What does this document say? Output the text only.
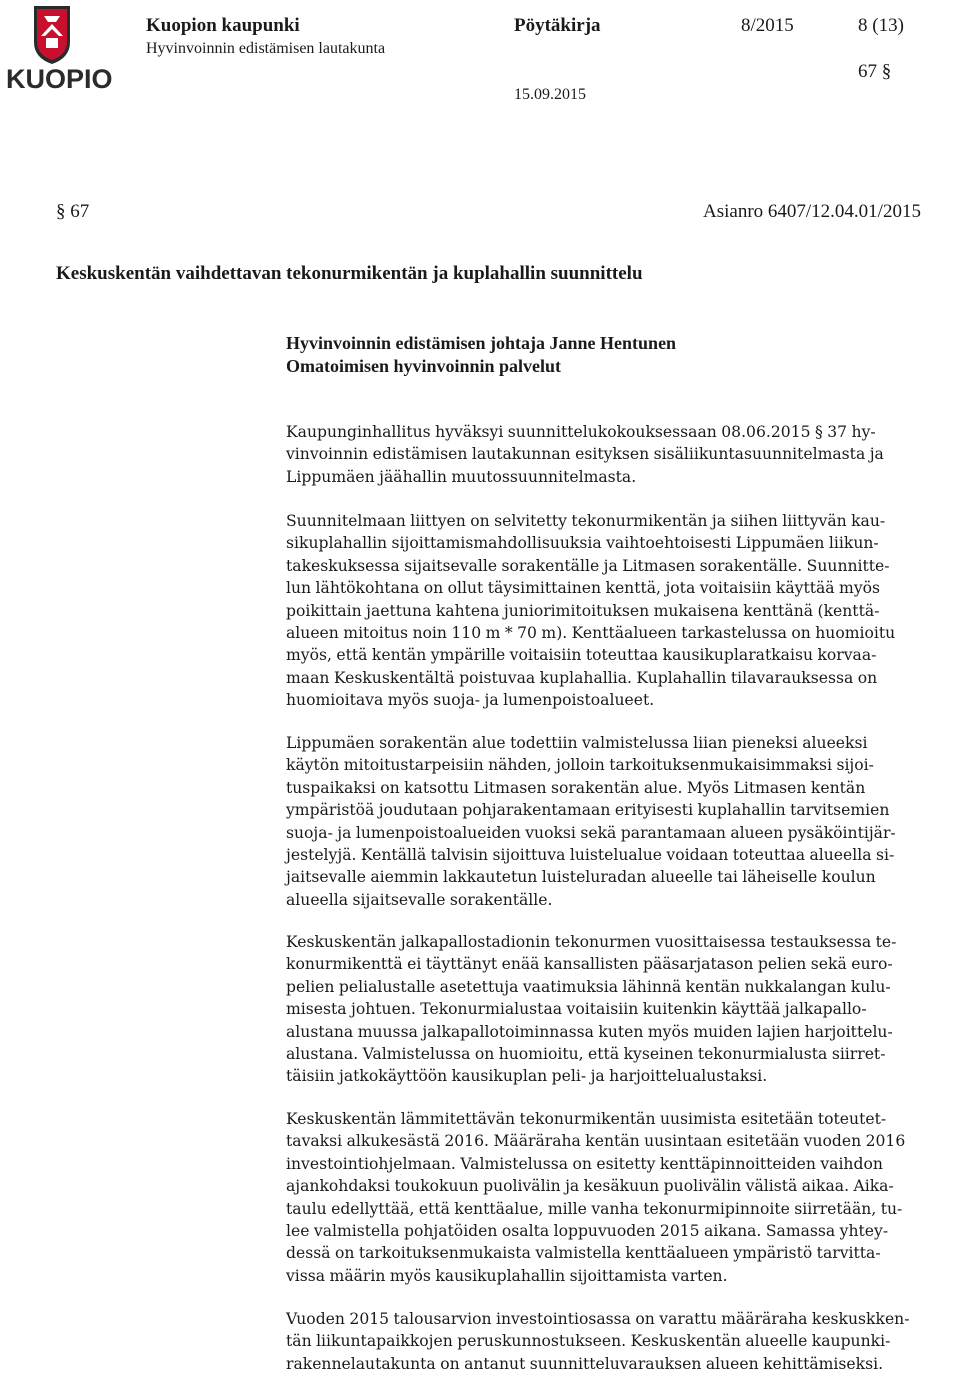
KUOPIO
Kuopion kaupunki
Hyvinvoinnin edistämisen lautakunta
Pöytäkirja	8/2015	8 (13)
67 §
15.09.2015
§ 67	Asianro 6407/12.04.01/2015
Keskuskentän vaihdettavan tekonurmikentän ja kuplahallin suunnittelu
Hyvinvoinnin edistämisen johtaja Janne Hentunen
Omatoimisen hyvinvoinnin palvelut

Kaupunginhallitus hyväksyi suunnittelukokouksessaan 08.06.2015 § 37 hy-
vinvoinnin edistämisen lautakunnan esityksen sisäliikuntasuunnitelmasta ja
Lippumäen jäähallin muutossuunnitelmasta.

Suunnitelmaan liittyen on selvitetty tekonurmikentän ja siihen liittyvän kau-
sikuplahallin sijoittamismahdollisuuksia vaihtoehtoisesti Lippumäen liikun-
takeskuksessa sijaitsevalle sorakentälle ja Litmasen sorakentälle. Suunnitte-
lun lähtökohtana on ollut täysimittainen kenttä, jota voitaisiin käyttää myös
poikittain jaettuna kahtena juniorimitoituksen mukaisena kenttänä (kenttä-
alueen mitoitus noin 110 m * 70 m). Kenttäalueen tarkastelussa on huomioitu
myös, että kentän ympärille voitaisiin toteuttaa kausikuplaratkaisu korvaa-
maan Keskuskentältä poistuvaa kuplahallia. Kuplahallin tilavarauksessa on
huomioitava myös suoja- ja lumenpoistoalueet.

Lippumäen sorakentän alue todettiin valmistelussa liian pieneksi alueeksi
käytön mitoitustarpeisiin nähden, jolloin tarkoituksenmukaisimmaksi sijoi-
tuspaikaksi on katsottu Litmasen sorakentän alue. Myös Litmasen kentän
ympäristöä joudutaan pohjarakentamaan erityisesti kuplahallin tarvitsemien
suoja- ja lumenpoistoalueiden vuoksi sekä parantamaan alueen pysäköintijär-
jestelyjä. Kentällä talvisin sijoittuva luistelualue voidaan toteuttaa alueella si-
jaitsevalle aiemmin lakkautetun luisteluradan alueelle tai läheiselle koulun
alueella sijaitsevalle sorakentälle.

Keskuskentän jalkapallostadionin tekonurmen vuosittaisessa testauksessa te-
konurmikenttä ei täyttänyt enää kansallisten pääsarjatason pelien sekä euro-
pelien pelialustalle asetettuja vaatimuksia lähinnä kentän nukkalangan kulu-
misesta johtuen. Tekonurmialustaa voitaisiin kuitenkin käyttää jalkapallo-
alustana muussa jalkapallotoiminnassa kuten myös muiden lajien harjoittelu-
alustana. Valmistelussa on huomioitu, että kyseinen tekonurmialusta siirret-
täisiin jatkokäyttöön kausikuplan peli- ja harjoittelualustaksi.

Keskuskentän lämmitettävän tekonurmikentän uusimista esitetään toteutet-
tavaksi alkukesästä 2016. Määräraha kentän uusintaan esitetään vuoden 2016
investointiohjelmaan. Valmistelussa on esitetty kenttäpinnoitteiden vaihdon
ajankohdaksi toukokuun puolivälin ja kesäkuun puolivälin välistä aikaa. Aika-
taulu edellyttää, että kenttäalue, mille vanha tekonurmipinnoite siirretään, tu-
lee valmistella pohjatöiden osalta loppuvuoden 2015 aikana. Samassa yhtey-
dessä on tarkoituksenmukaista valmistella kenttäalueen ympäristö tarvitta-
vissa määrin myös kausikuplahallin sijoittamista varten.

Vuoden 2015 talousarvion investointiosassa on varattu määräraha keskuskken-
tän liikuntapaikkojen peruskunnostukseen. Keskuskentän alueelle kaupunki-
rakennelautakunta on antanut suunnitteluvarauksen alueen kehittämiseksi.
